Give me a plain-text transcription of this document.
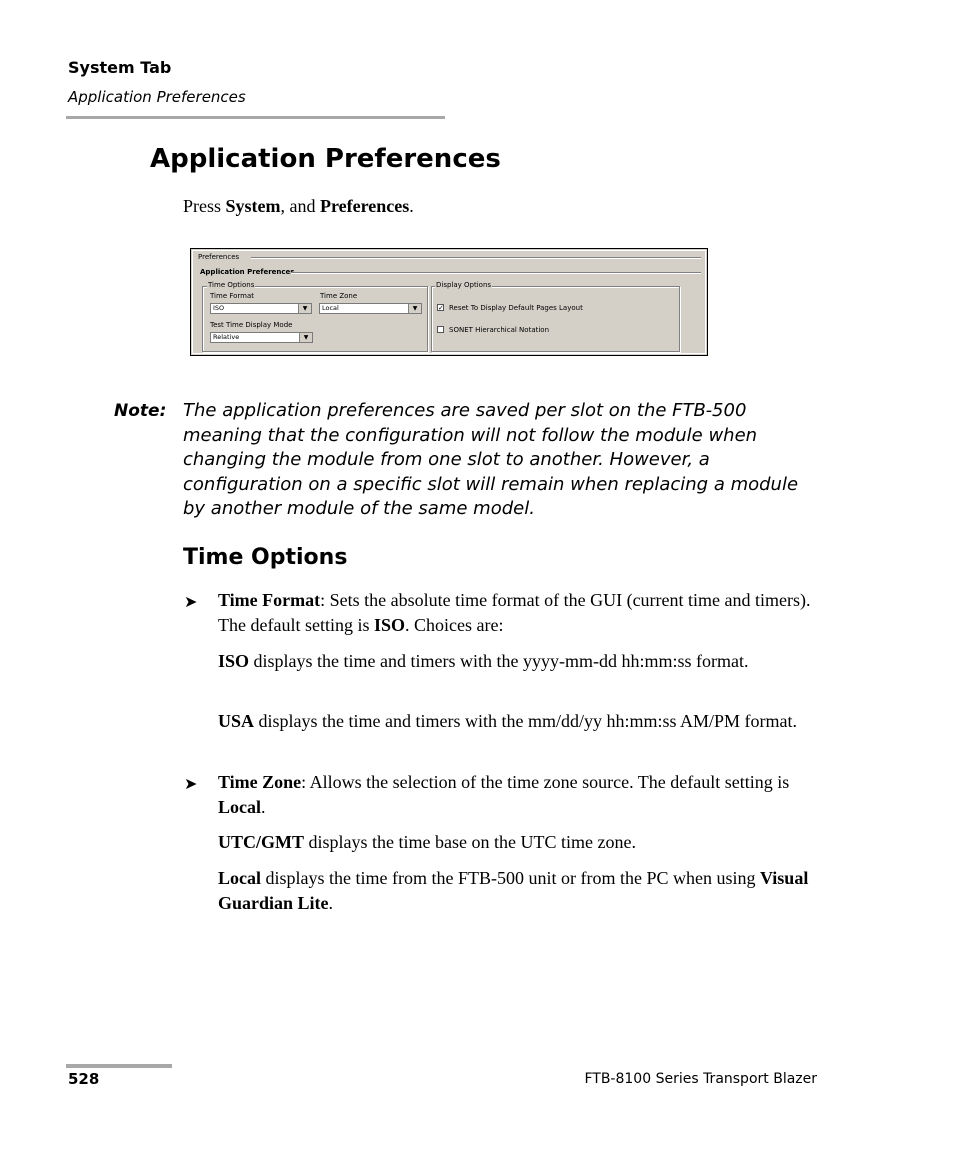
System Tab
Application Preferences
Application Preferences
Press System, and Preferences.
Preferences
Application Preferences
Time Options
Time Format
ISO	▼
Time Zone
Local	▼
Test Time Display Mode
Relative	▼
Display Options
✓ Reset To Display Default Pages Layout
SONET Hierarchical Notation
Note: The application preferences are saved per slot on the FTB-500 meaning that the configuration will not follow the module when changing the module from one slot to another. However, a configuration on a specific slot will remain when replacing a module by another module of the same model.
Time Options
➤ Time Format: Sets the absolute time format of the GUI (current time and timers). The default setting is ISO. Choices are:
ISO displays the time and timers with the yyyy-mm-dd hh:mm:ss format.
USA displays the time and timers with the mm/dd/yy hh:mm:ss AM/PM format.
➤ Time Zone: Allows the selection of the time zone source. The default setting is Local.
UTC/GMT displays the time base on the UTC time zone.
Local displays the time from the FTB-500 unit or from the PC when using Visual Guardian Lite.
528	FTB-8100 Series Transport Blazer
